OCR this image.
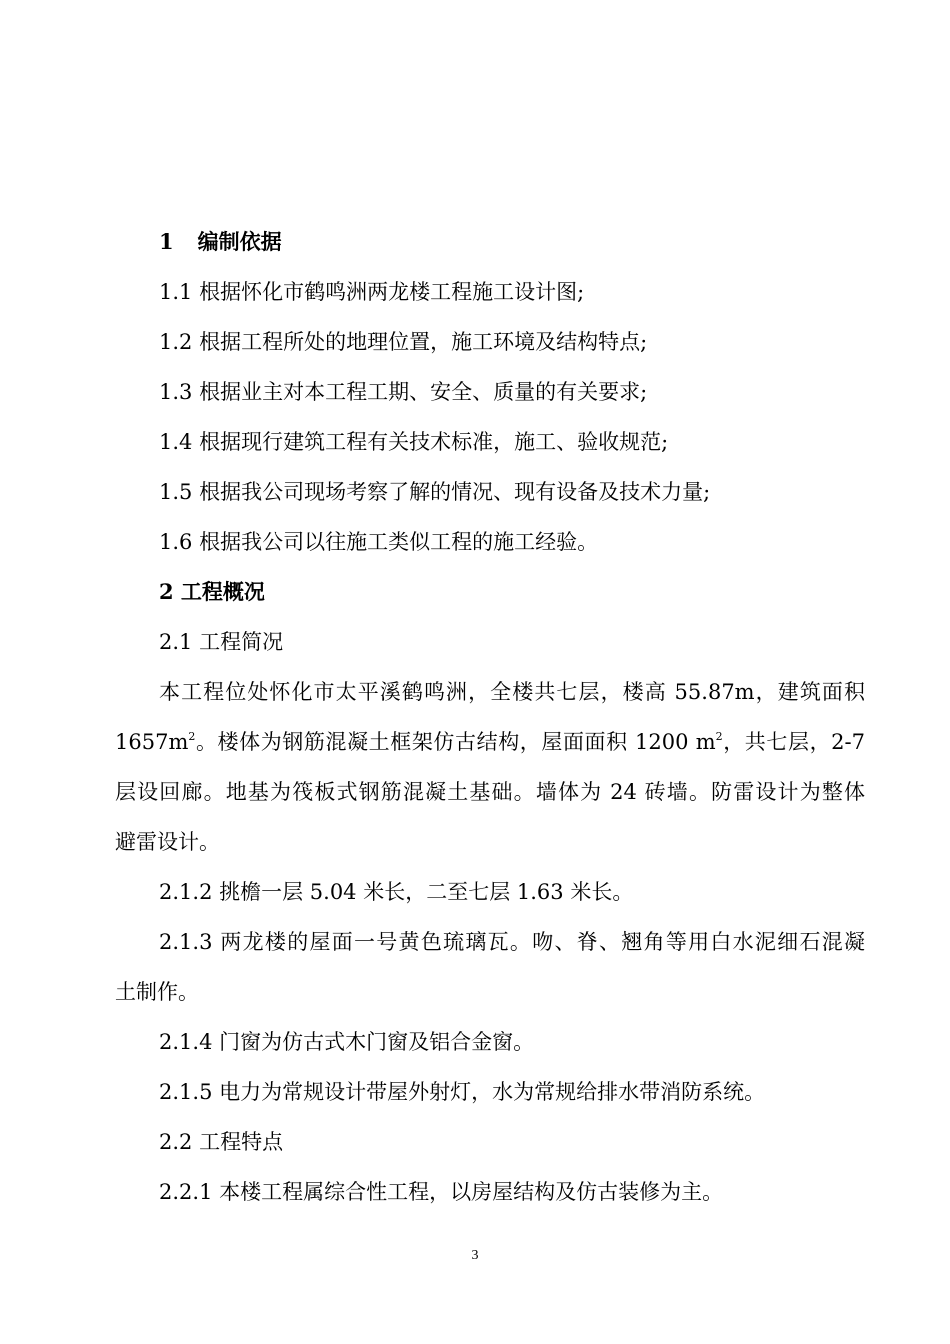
1 编制依据
1.1 根据怀化市鹤鸣洲两龙楼工程施工设计图;
1.2 根据工程所处的地理位置，施工环境及结构特点;
1.3 根据业主对本工程工期、安全、质量的有关要求;
1.4 根据现行建筑工程有关技术标准，施工、验收规范;
1.5 根据我公司现场考察了解的情况、现有设备及技术力量;
1.6 根据我公司以往施工类似工程的施工经验。
2 工程概况
2.1 工程简况
本工程位处怀化市太平溪鹤鸣洲，全楼共七层，楼高 55.87m，建筑面积
$1657m^2$。楼体为钢筋混凝土框架仿古结构，屋面面积 1200 $m^2$，共七层，2-7
层设回廊。地基为筏板式钢筋混凝土基础。墙体为 24 砖墙。防雷设计为整体
避雷设计。
2.1.2 挑檐一层 5.04 米长，二至七层 1.63 米长。
2.1.3 两龙楼的屋面一号黄色琉璃瓦。吻、脊、翘角等用白水泥细石混凝
土制作。
2.1.4 门窗为仿古式木门窗及铝合金窗。
2.1.5 电力为常规设计带屋外射灯，水为常规给排水带消防系统。
2.2 工程特点
2.2.1 本楼工程属综合性工程，以房屋结构及仿古装修为主。
3
